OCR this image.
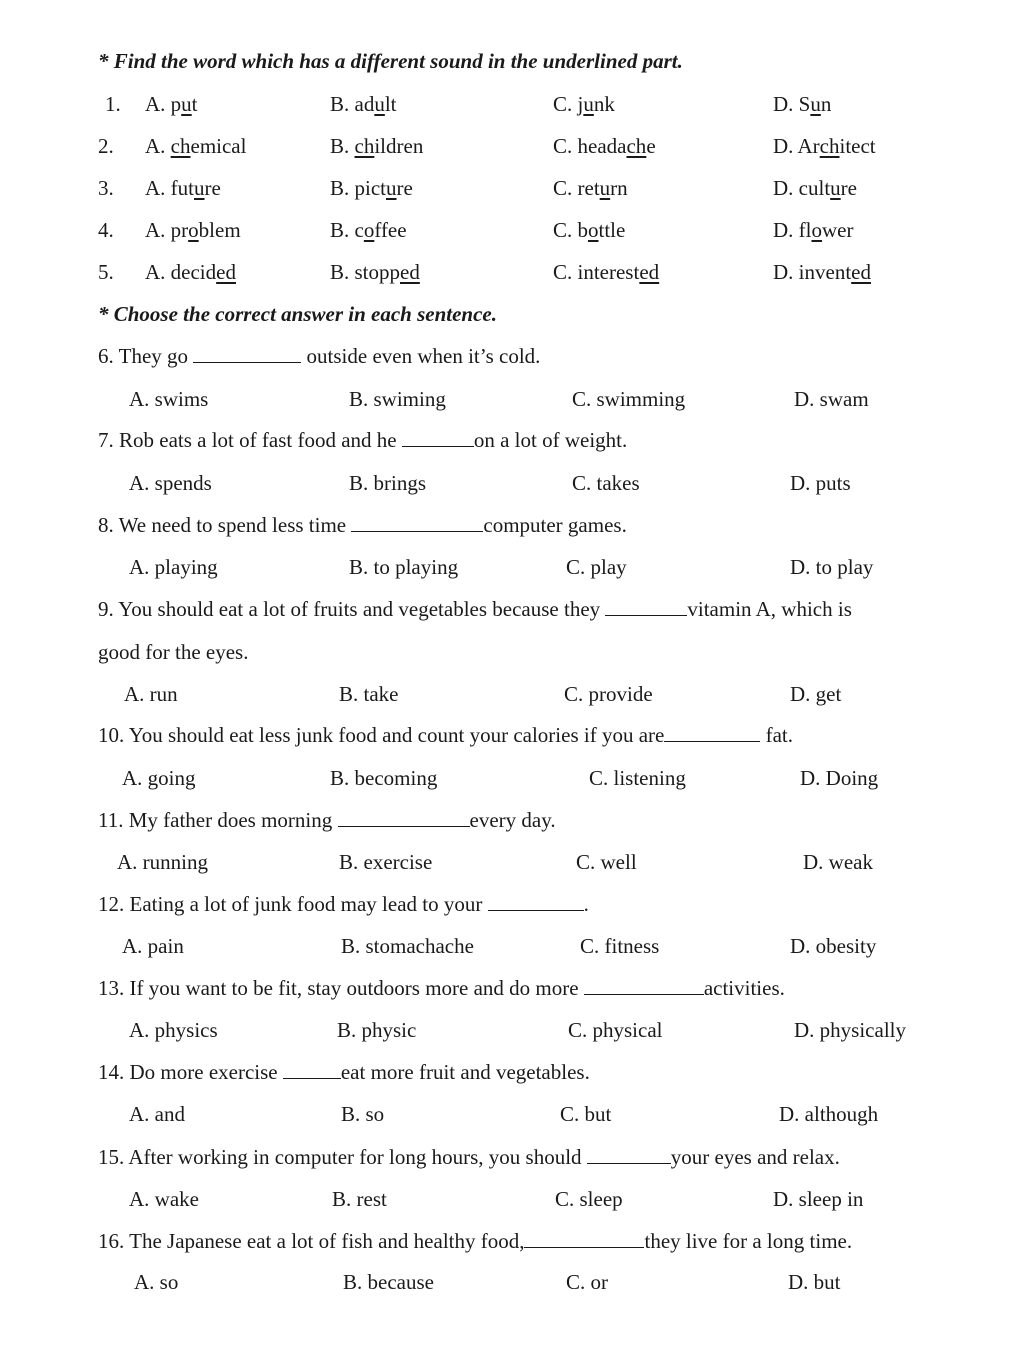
* Find the word which has a different sound in the underlined part.
1. A. put	B. adult	C. junk	D. Sun
2. A. chemical	B. children	C. headache	D. Architect
3. A. future	B. picture	C. return	D. culture
4. A. problem	B. coffee	C. bottle	D. flower
5. A. decided	B. stopped	C. interested	D. invented
* Choose the correct answer in each sentence.
6. They go	outside even when it’s cold.
A. swims	B. swiming	C. swimming	D. swam
7. Rob eats a lot of fast food and he	on a lot of weight.
A. spends	B. brings	C. takes	D. puts
8. We need to spend less time	computer games.
A. playing	B. to playing	C. play	D. to play
9. You should eat a lot of fruits and vegetables because they	vitamin A, which is
good for the eyes.
A. run	B. take	C. provide	D. get
10. You should eat less junk food and count your calories if you are	fat.
A. going	B. becoming	C. listening	D. Doing
11. My father does morning	every day.
A. running	B. exercise	C. well	D. weak
12. Eating a lot of junk food may lead to your	.
A. pain	B. stomachache	C. fitness	D. obesity
13. If you want to be fit, stay outdoors more and do more	activities.
A. physics	B. physic	C. physical	D. physically
14. Do more exercise	eat more fruit and vegetables.
A. and	B. so	C. but	D. although
15. After working in computer for long hours, you should	your eyes and relax.
A. wake	B. rest	C. sleep	D. sleep in
16. The Japanese eat a lot of fish and healthy food,	they live for a long time.
A. so	B. because	C. or	D. but
